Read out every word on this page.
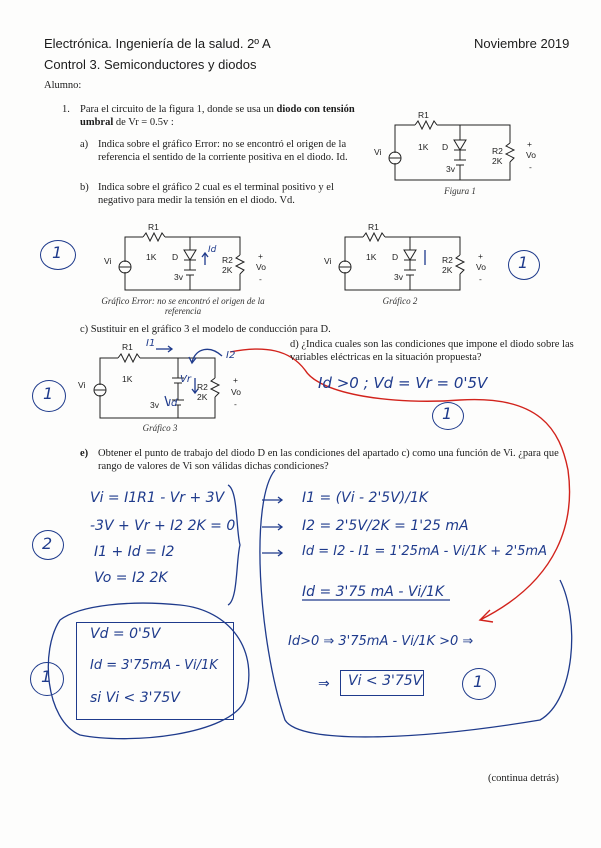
Electrónica. Ingeniería de la salud. 2º A	Noviembre 2019
Control 3. Semiconductores y diodos
Alumno:
1. Para el circuito de la figura 1, donde se usa un diodo con tensión umbral de Vr = 0.5v :
a) Indica sobre el gráfico Error: no se encontró el origen de la referencia el sentido de la corriente positiva en el diodo. Id.
b) Indica sobre el gráfico 2 cual es el terminal positivo y el negativo para medir la tensión en el diodo. Vd.
R1
1K D
3v
R2
2K
Vi
+
Vo
-
Figura 1
R1
1K D
3v
R2
2K
Vi	+
Vo
-
Gráfico Error: no se encontró el origen de la referencia
R1
1K D
3v
R2
2K
Vi	+
Vo
-
Gráfico 2
c) Sustituir en el gráfico 3 el modelo de conducción para D.
d) ¿Indica cuales son las condiciones que impone el diodo sobre las variables eléctricas en la situación propuesta?
R1
1K
3v
R2
2K
Vi	+
Vo
-
Gráfico 3
e) Obtener el punto de trabajo del diodo D en las condiciones del apartado c) como una función de Vi. ¿para que rango de valores de Vi son válidas dichas condiciones?
1
1
1
1
2
1	1
I1
I2
Vr
Id
Id
Id >0 ; Vd = Vr = 0'5V
Vi = I1R1 - Vr + 3V
-3V + Vr + I2 2K = 0
I1 + Id = I2
Vo = I2 2K
I1 = (Vi - 2'5V)/1K
I2 = 2'5V/2K = 1'25 mA
Id = I2 - I1 = 1'25mA - Vi/1K + 2'5mA
Id = 3'75 mA - Vi/1K
Vd = 0'5V
Id = 3'75mA - Vi/1K
si Vi < 3'75V
Id>0 ⇒ 3'75mA - Vi/1K >0 ⇒
⇒ Vi < 3'75V
(continua detrás)
